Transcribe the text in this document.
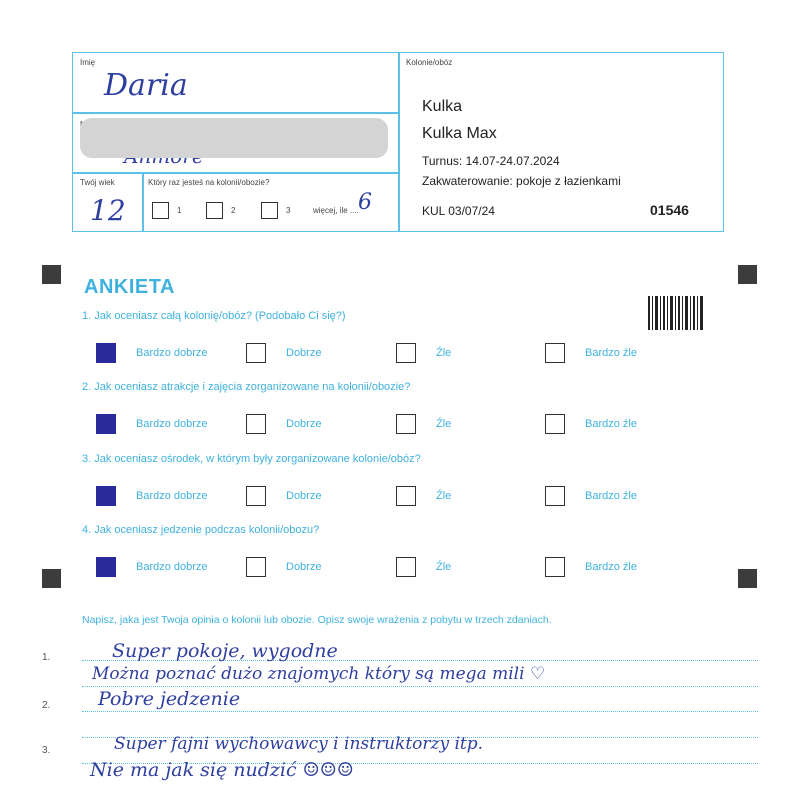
Imię
Daria
Twój wiek
12
Który raz jesteś na kolonii/obozie?
1	2	3	więcej, ile .... 6
Kolonie/obóz
Kulka
Kulka Max
Turnus: 14.07-24.07.2024
Zakwaterowanie: pokoje z łazienkami
KUL 03/07/24	01546
ANKIETA
1. Jak oceniasz całą kolonię/obóz? (Podobało Ci się?)
Bardzo dobrze	Dobrze	Źle	Bardzo źle
2. Jak oceniasz atrakcje i zajęcia zorganizowane na kolonii/obozie?
Bardzo dobrze	Dobrze	Źle	Bardzo źle
3. Jak oceniasz ośrodek, w którym były zorganizowane kolonie/obóz?
Bardzo dobrze	Dobrze	Źle	Bardzo źle
4. Jak oceniasz jedzenie podczas kolonii/obozu?
Bardzo dobrze	Dobrze	Źle	Bardzo źle
Napisz, jaka jest Twoja opinia o kolonii lub obozie. Opisz swoje wrażenia z pobytu w trzech zdaniach.
1.
2.
3.
Super pokoje, wygodne
Można poznać dużo znajomych który są mega mili ♡
Pobre jedzenie
Super fajni wychowawcy i instruktorzy itp.
Nie ma jak się nudzić ☺☺☺
